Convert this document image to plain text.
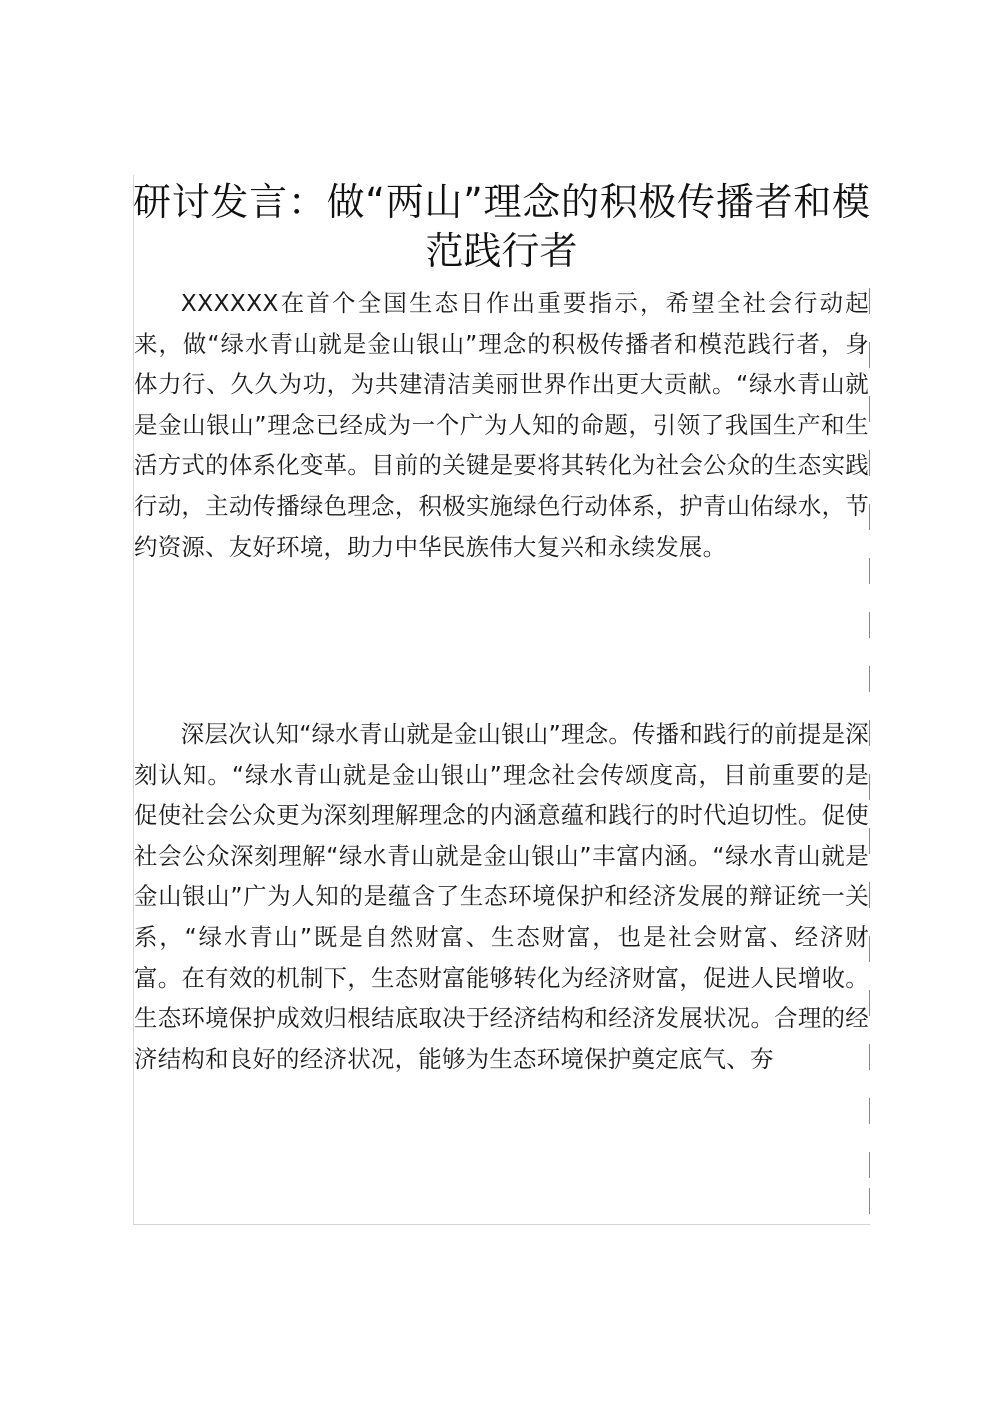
研讨发言：做“两山”理念的积极传播者和模范践行者

XXXXXX在首个全国生态日作出重要指示，希望全社会行动起来，做“绿水青山就是金山银山”理念的积极传播者和模范践行者，身体力行、久久为功，为共建清洁美丽世界作出更大贡献。“绿水青山就是金山银山”理念已经成为一个广为人知的命题，引领了我国生产和生活方式的体系化变革。目前的关键是要将其转化为社会公众的生态实践行动，主动传播绿色理念，积极实施绿色行动体系，护青山佑绿水，节约资源、友好环境，助力中华民族伟大复兴和永续发展。

深层次认知“绿水青山就是金山银山”理念。传播和践行的前提是深刻认知。“绿水青山就是金山银山”理念社会传颂度高，目前重要的是促使社会公众更为深刻理解理念的内涵意蕴和践行的时代迫切性。促使社会公众深刻理解“绿水青山就是金山银山”丰富内涵。“绿水青山就是金山银山”广为人知的是蕴含了生态环境保护和经济发展的辩证统一关系，“绿水青山”既是自然财富、生态财富，也是社会财富、经济财富。在有效的机制下，生态财富能够转化为经济财富，促进人民增收。生态环境保护成效归根结底取决于经济结构和经济发展状况。合理的经济结构和良好的经济状况，能够为生态环境保护奠定底气、夯
